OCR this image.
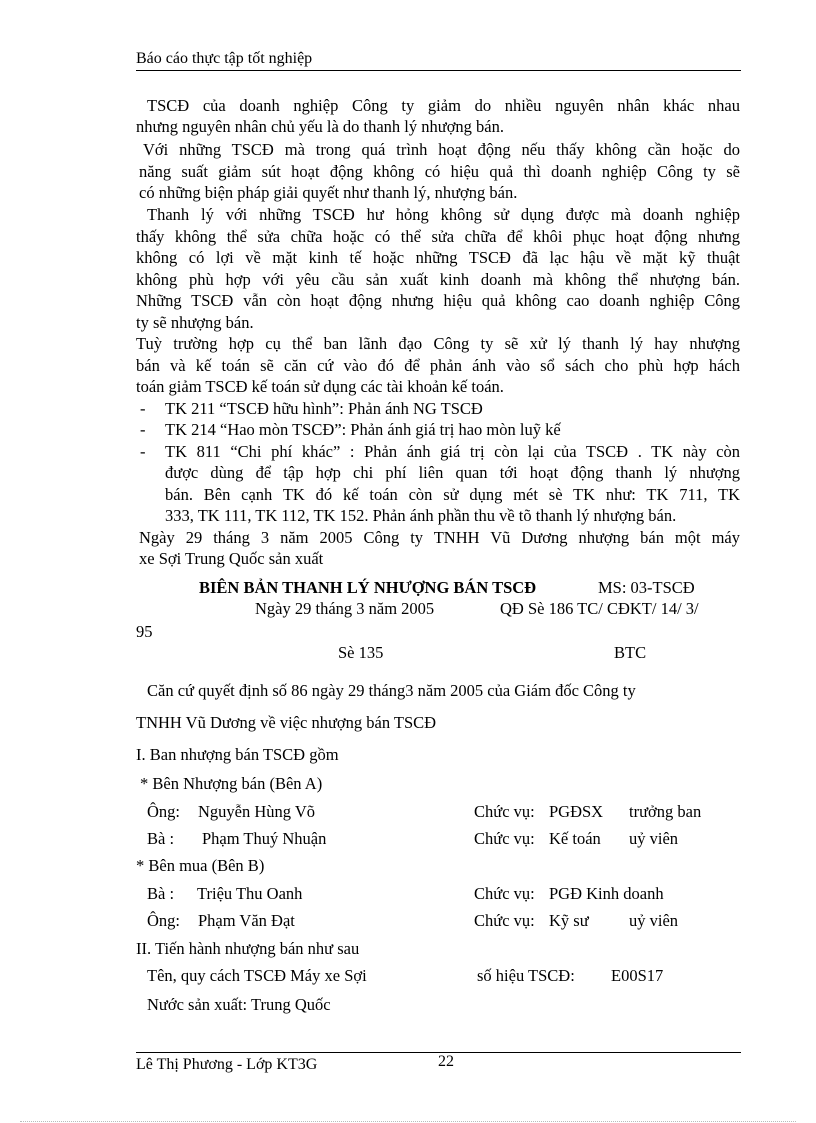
Báo cáo thực tập tốt nghiệp
TSCĐ của doanh nghiệp Công ty giảm do nhiều nguyên nhân khác nhau
nhưng nguyên nhân chủ yếu là do thanh lý nhượng bán.
Với những TSCĐ mà trong quá trình hoạt động nếu thấy không cần hoặc do
năng suất giảm sút hoạt động không có hiệu quả thì doanh nghiệp Công ty sẽ
có những biện pháp giải quyết như thanh lý, nhượng bán.
Thanh lý với những TSCĐ hư hỏng không sử dụng được mà doanh nghiệp
thấy không thể sửa chữa hoặc có thể sửa chữa để khôi phục hoạt động nhưng
không có lợi về mặt kinh tế hoặc những TSCĐ đã lạc hậu về mặt kỹ thuật
không phù hợp với yêu cầu sản xuất kinh doanh mà không thể nhượng bán.
Những TSCĐ vẫn còn hoạt động nhưng hiệu quả không cao doanh nghiệp Công
ty sẽ nhượng bán.
Tuỳ trường hợp cụ thể ban lãnh đạo Công ty sẽ xử lý thanh lý hay nhượng
bán và kế toán sẽ căn cứ vào đó để phản ánh vào sổ sách cho phù hợp hách
toán giảm TSCĐ kế toán sử dụng các tài khoản kế toán.
- TK 211 “TSCĐ hữu hình”: Phản ánh NG TSCĐ
- TK 214 “Hao mòn TSCĐ”: Phản ánh giá trị hao mòn luỹ kế
- TK 811 “Chi phí khác” : Phản ánh giá trị còn lại của TSCĐ . TK này còn
được dùng để tập hợp chi phí liên quan tới hoạt động thanh lý nhượng
bán. Bên cạnh TK đó kế toán còn sử dụng mét sè TK như: TK 711, TK
333, TK 111, TK 112, TK 152. Phản ánh phần thu về tõ thanh lý nhượng bán.
Ngày 29 tháng 3 năm 2005 Công ty TNHH Vũ Dương nhượng bán một máy
xe Sợi Trung Quốc sản xuất
BIÊN BẢN THANH LÝ NHƯỢNG BÁN TSCĐ	MS: 03-TSCĐ
Ngày 29 tháng 3 năm 2005	QĐ Sè 186 TC/ CĐKT/ 14/ 3/
95
Sè 135	BTC
Căn cứ quyết định số 86 ngày 29 tháng3 năm 2005 của Giám đốc Công ty
TNHH Vũ Dương về việc nhượng bán TSCĐ
I. Ban nhượng bán TSCĐ gồm
* Bên Nhượng bán (Bên A)
Ông: Nguyễn Hùng Võ	Chức vụ: PGĐSX trưởng ban
Bà : Phạm Thuý Nhuận	Chức vụ: Kế toán uỷ viên
* Bên mua (Bên B)
Bà : Triệu Thu Oanh	Chức vụ: PGĐ Kinh doanh
Ông: Phạm Văn Đạt	Chức vụ: Kỹ sư uỷ viên
II. Tiến hành nhượng bán như sau
Tên, quy cách TSCĐ Máy xe Sợi	số hiệu TSCĐ: E00S17
Nước sản xuất: Trung Quốc
Lê Thị Phương - Lớp KT3G	22
